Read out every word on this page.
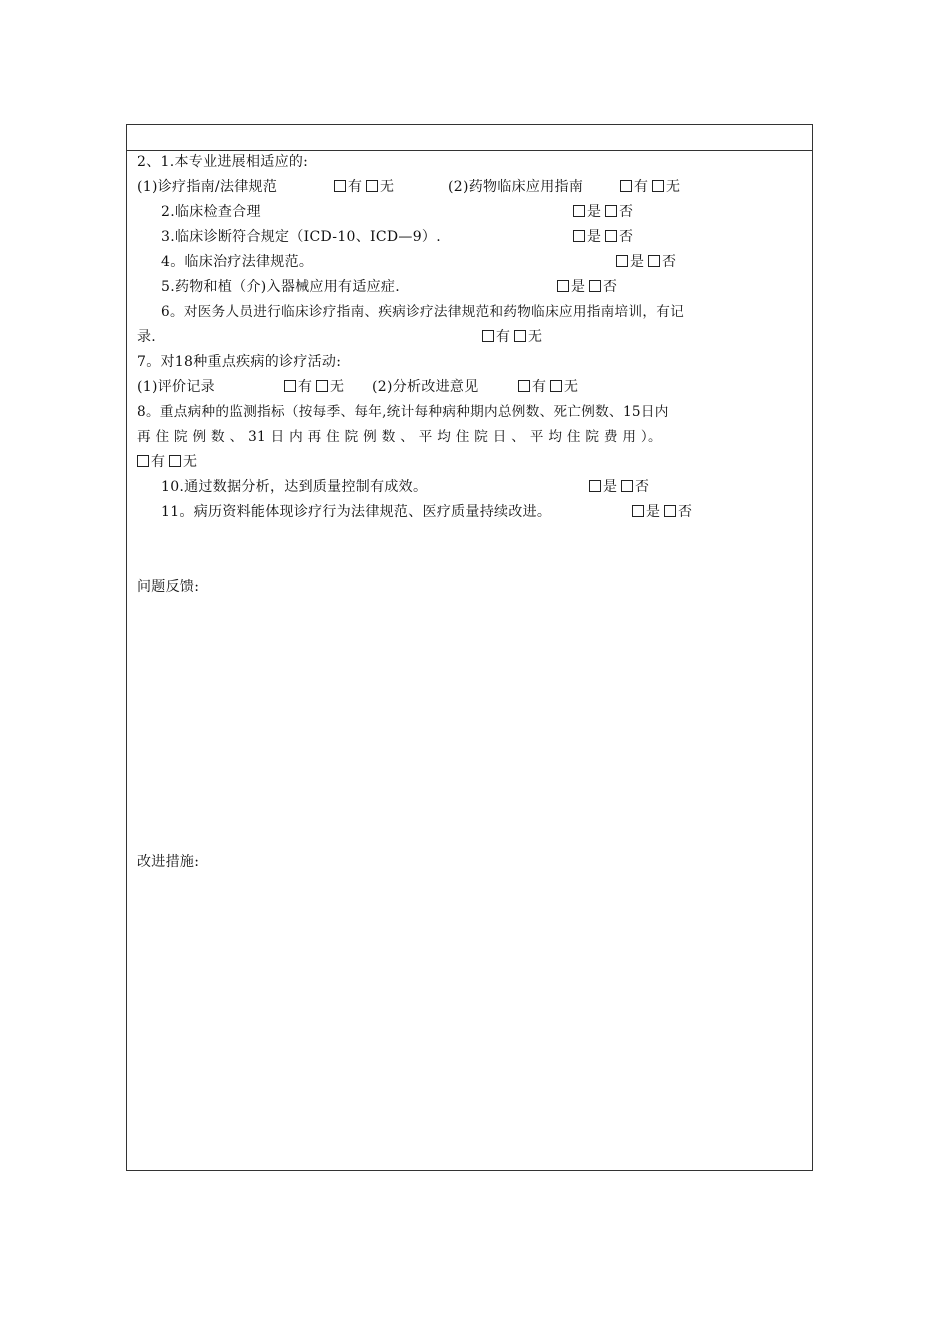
2、1.本专业进展相适应的:
(1)诊疗指南/法律规范	有 无	(2)药物临床应用指南	有 无
2.临床检查合理	是 否
3.临床诊断符合规定（ICD-10、ICD—9）.	是 否
4。临床治疗法律规范。	是 否
5.药物和植（介)入器械应用有适应症.	是 否
6。对医务人员进行临床诊疗指南、疾病诊疗法律规范和药物临床应用指南培训，有记
录.	有 无
7。对18种重点疾病的诊疗活动:
(1)评价记录	有 无 (2)分析改进意见	有 无
8。重点病种的监测指标（按每季、每年,统计每种病种期内总例数、死亡例数、15日内
再 住 院 例 数 、 31 日 内 再 住 院 例 数 、 平 均 住 院 日 、 平 均 住 院 费 用 ）。
有 无
10.通过数据分析，达到质量控制有成效。	是 否
11。病历资料能体现诊疗行为法律规范、医疗质量持续改进。	是 否
问题反馈:
改进措施:
